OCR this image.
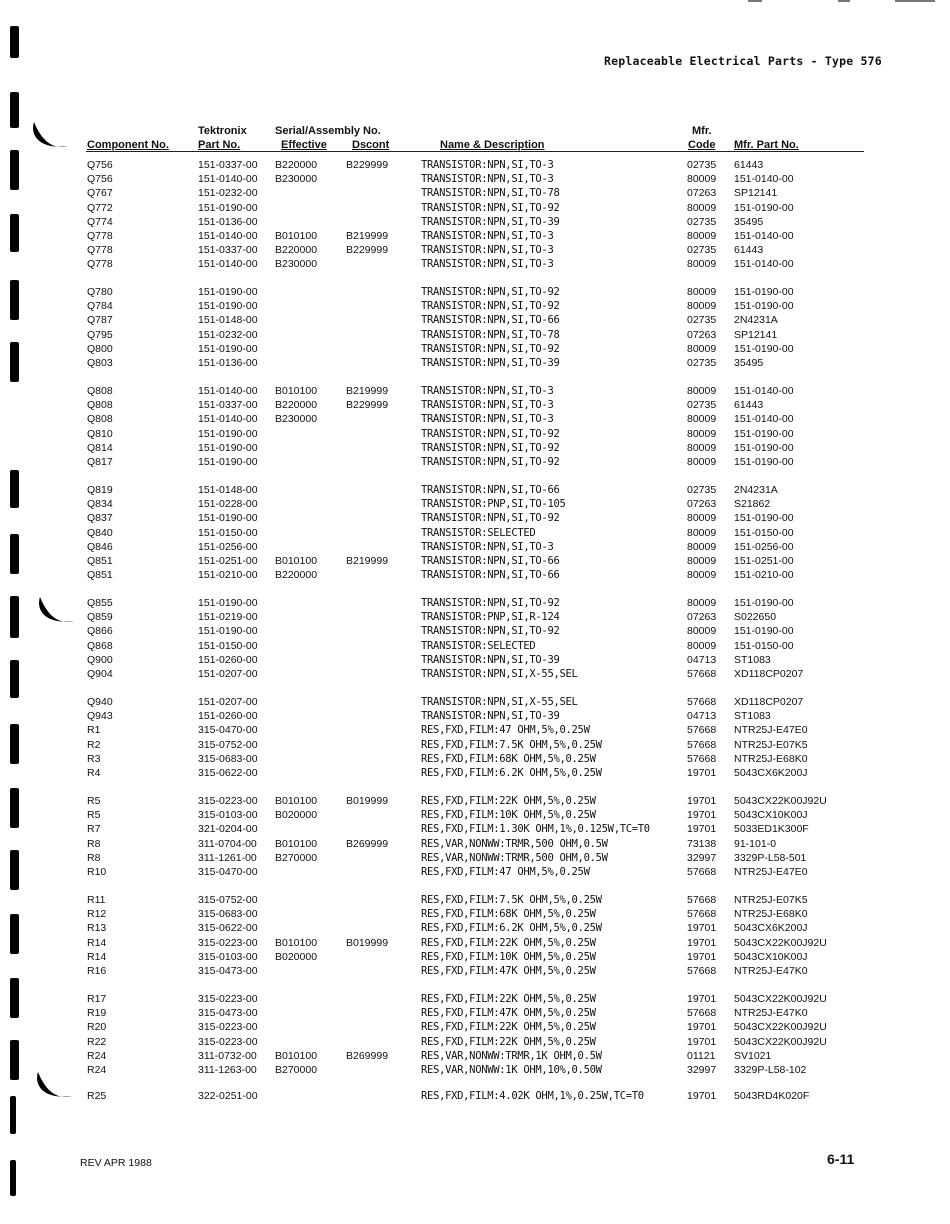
Replaceable Electrical Parts - Type 576
Component No.
Tektronix
Part No.
Serial/Assembly No.
Effective Dscont	Name & Description
Mfr.
Code Mfr. Part No.
Q756	151-0337-00 B220000	B229999	TRANSISTOR:NPN,SI,TO-3	02735 61443
Q756	151-0140-00 B230000	TRANSISTOR:NPN,SI,TO-3	80009 151-0140-00
Q767	151-0232-00	TRANSISTOR:NPN,SI,TO-78	07263 SP12141
Q772	151-0190-00	TRANSISTOR:NPN,SI,TO-92	80009 151-0190-00
Q774	151-0136-00	TRANSISTOR:NPN,SI,TO-39	02735 35495
Q778	151-0140-00 B010100	B219999	TRANSISTOR:NPN,SI,TO-3	80009 151-0140-00
Q778	151-0337-00 B220000	B229999	TRANSISTOR:NPN,SI,TO-3	02735 61443
Q778	151-0140-00 B230000	TRANSISTOR:NPN,SI,TO-3	80009 151-0140-00
Q780	151-0190-00	TRANSISTOR:NPN,SI,TO-92	80009 151-0190-00
Q784	151-0190-00	TRANSISTOR:NPN,SI,TO-92	80009 151-0190-00
Q787	151-0148-00	TRANSISTOR:NPN,SI,TO-66	02735 2N4231A
Q795	151-0232-00	TRANSISTOR:NPN,SI,TO-78	07263 SP12141
Q800	151-0190-00	TRANSISTOR:NPN,SI,TO-92	80009 151-0190-00
Q803	151-0136-00	TRANSISTOR:NPN,SI,TO-39	02735 35495
Q808	151-0140-00 B010100	B219999	TRANSISTOR:NPN,SI,TO-3	80009 151-0140-00
Q808	151-0337-00 B220000	B229999	TRANSISTOR:NPN,SI,TO-3	02735 61443
Q808	151-0140-00 B230000	TRANSISTOR:NPN,SI,TO-3	80009 151-0140-00
Q810	151-0190-00	TRANSISTOR:NPN,SI,TO-92	80009 151-0190-00
Q814	151-0190-00	TRANSISTOR:NPN,SI,TO-92	80009 151-0190-00
Q817	151-0190-00	TRANSISTOR:NPN,SI,TO-92	80009 151-0190-00
Q819	151-0148-00	TRANSISTOR:NPN,SI,TO-66	02735 2N4231A
Q834	151-0228-00	TRANSISTOR:PNP,SI,TO-105	07263 S21862
Q837	151-0190-00	TRANSISTOR:NPN,SI,TO-92	80009 151-0190-00
Q840	151-0150-00	TRANSISTOR:SELECTED	80009 151-0150-00
Q846	151-0256-00	TRANSISTOR:NPN,SI,TO-3	80009 151-0256-00
Q851	151-0251-00 B010100	B219999	TRANSISTOR:NPN,SI,TO-66	80009 151-0251-00
Q851	151-0210-00 B220000	TRANSISTOR:NPN,SI,TO-66	80009 151-0210-00
Q855	151-0190-00	TRANSISTOR:NPN,SI,TO-92	80009 151-0190-00
Q859	151-0219-00	TRANSISTOR:PNP,SI,R-124	07263 S022650
Q866	151-0190-00	TRANSISTOR:NPN,SI,TO-92	80009 151-0190-00
Q868	151-0150-00	TRANSISTOR:SELECTED	80009 151-0150-00
Q900	151-0260-00	TRANSISTOR:NPN,SI,TO-39	04713 ST1083
Q904	151-0207-00	TRANSISTOR:NPN,SI,X-55,SEL	57668 XD118CP0207
Q940	151-0207-00	TRANSISTOR:NPN,SI,X-55,SEL	57668 XD118CP0207
Q943	151-0260-00	TRANSISTOR:NPN,SI,TO-39	04713 ST1083
R1	315-0470-00	RES,FXD,FILM:47 OHM,5%,0.25W	57668 NTR25J-E47E0
R2	315-0752-00	RES,FXD,FILM:7.5K OHM,5%,0.25W	57668 NTR25J-E07K5
R3	315-0683-00	RES,FXD,FILM:68K OHM,5%,0.25W	57668 NTR25J-E68K0
R4	315-0622-00	RES,FXD,FILM:6.2K OHM,5%,0.25W	19701 5043CX6K200J
R5	315-0223-00 B010100	B019999	RES,FXD,FILM:22K OHM,5%,0.25W	19701 5043CX22K00J92U
R5	315-0103-00 B020000	RES,FXD,FILM:10K OHM,5%,0.25W	19701 5043CX10K00J
R7	321-0204-00	RES,FXD,FILM:1.30K OHM,1%,0.125W,TC=T0	19701 5033ED1K300F
R8	311-0704-00 B010100	B269999	RES,VAR,NONWW:TRMR,500 OHM,0.5W	73138 91-101-0
R8	311-1261-00 B270000	RES,VAR,NONWW:TRMR,500 OHM,0.5W	32997 3329P-L58-501
R10	315-0470-00	RES,FXD,FILM:47 OHM,5%,0.25W	57668 NTR25J-E47E0
R11	315-0752-00	RES,FXD,FILM:7.5K OHM,5%,0.25W	57668 NTR25J-E07K5
R12	315-0683-00	RES,FXD,FILM:68K OHM,5%,0.25W	57668 NTR25J-E68K0
R13	315-0622-00	RES,FXD,FILM:6.2K OHM,5%,0.25W	19701 5043CX6K200J
R14	315-0223-00 B010100	B019999	RES,FXD,FILM:22K OHM,5%,0.25W	19701 5043CX22K00J92U
R14	315-0103-00 B020000	RES,FXD,FILM:10K OHM,5%,0.25W	19701 5043CX10K00J
R16	315-0473-00	RES,FXD,FILM:47K OHM,5%,0.25W	57668 NTR25J-E47K0
R17	315-0223-00	RES,FXD,FILM:22K OHM,5%,0.25W	19701 5043CX22K00J92U
R19	315-0473-00	RES,FXD,FILM:47K OHM,5%,0.25W	57668 NTR25J-E47K0
R20	315-0223-00	RES,FXD,FILM:22K OHM,5%,0.25W	19701 5043CX22K00J92U
R22	315-0223-00	RES,FXD,FILM:22K OHM,5%,0.25W	19701 5043CX22K00J92U
R24	311-0732-00 B010100	B269999	RES,VAR,NONWW:TRMR,1K OHM,0.5W	01121 SV1021
R24	311-1263-00 B270000	RES,VAR,NONWW:1K OHM,10%,0.50W	32997 3329P-L58-102
R25	322-0251-00	RES,FXD,FILM:4.02K OHM,1%,0.25W,TC=T0	19701 5043RD4K020F
REV APR 1988	6-11
